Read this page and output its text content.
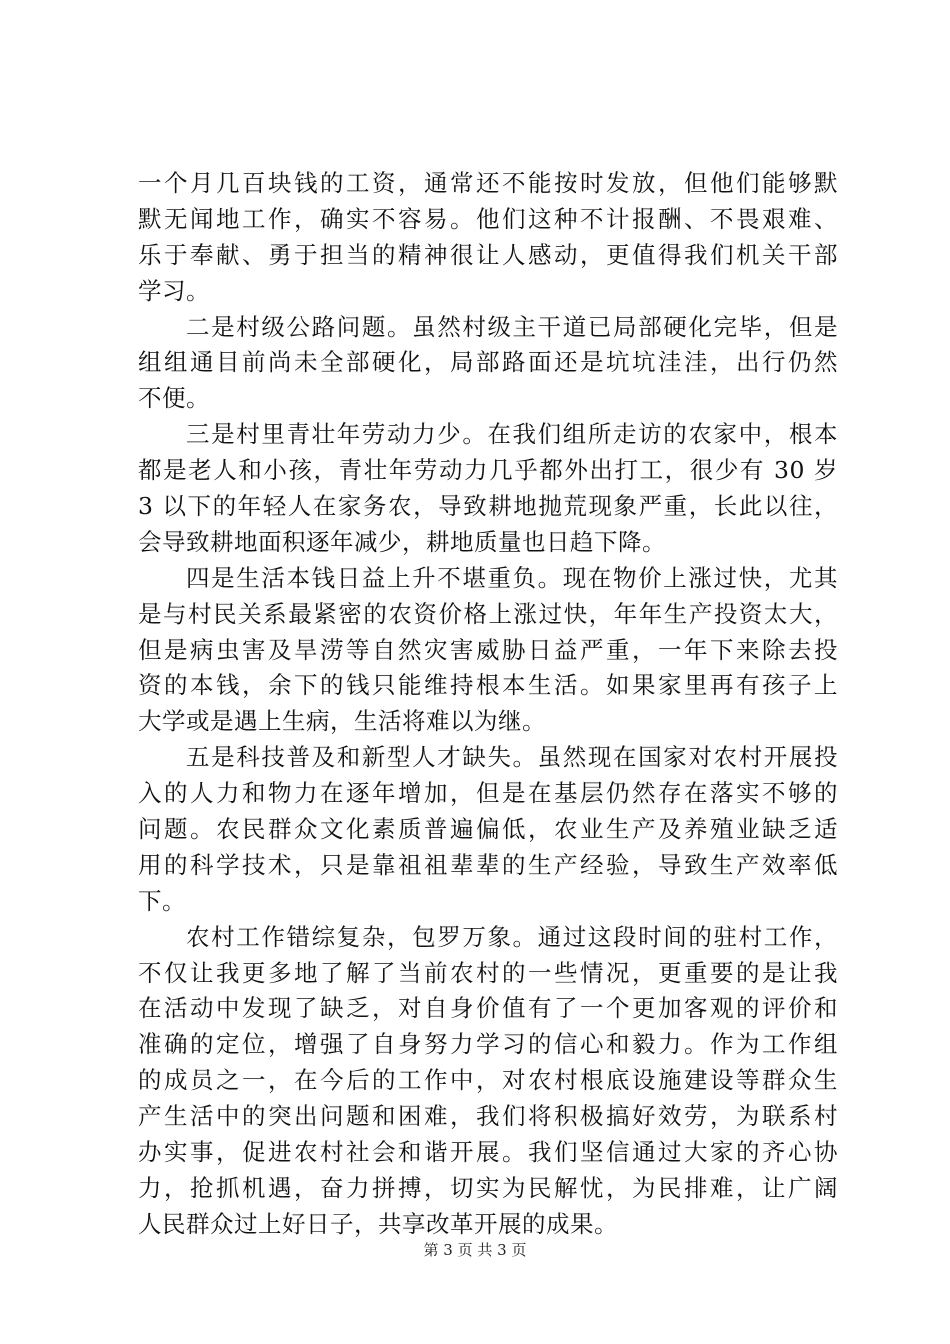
一个月几百块钱的工资，通常还不能按时发放，但他们能够默
默无闻地工作，确实不容易。他们这种不计报酬、不畏艰难、
乐于奉献、勇于担当的精神很让人感动，更值得我们机关干部
学习。
二是村级公路问题。虽然村级主干道已局部硬化完毕，但是
组组通目前尚未全部硬化，局部路面还是坑坑洼洼，出行仍然
不便。
三是村里青壮年劳动力少。在我们组所走访的农家中，根本
都是老人和小孩，青壮年劳动力几乎都外出打工，很少有 30 岁
3 以下的年轻人在家务农，导致耕地抛荒现象严重，长此以往，
会导致耕地面积逐年减少，耕地质量也日趋下降。
四是生活本钱日益上升不堪重负。现在物价上涨过快，尤其
是与村民关系最紧密的农资价格上涨过快，年年生产投资太大，
但是病虫害及旱涝等自然灾害威胁日益严重，一年下来除去投
资的本钱，余下的钱只能维持根本生活。如果家里再有孩子上
大学或是遇上生病，生活将难以为继。
五是科技普及和新型人才缺失。虽然现在国家对农村开展投
入的人力和物力在逐年增加，但是在基层仍然存在落实不够的
问题。农民群众文化素质普遍偏低，农业生产及养殖业缺乏适
用的科学技术，只是靠祖祖辈辈的生产经验，导致生产效率低
下。
农村工作错综复杂，包罗万象。通过这段时间的驻村工作，
不仅让我更多地了解了当前农村的一些情况，更重要的是让我
在活动中发现了缺乏，对自身价值有了一个更加客观的评价和
准确的定位，增强了自身努力学习的信心和毅力。作为工作组
的成员之一，在今后的工作中，对农村根底设施建设等群众生
产生活中的突出问题和困难，我们将积极搞好效劳，为联系村
办实事，促进农村社会和谐开展。我们坚信通过大家的齐心协
力，抢抓机遇，奋力拼搏，切实为民解忧，为民排难，让广阔
人民群众过上好日子，共享改革开展的成果。
第 3 页 共 3 页
